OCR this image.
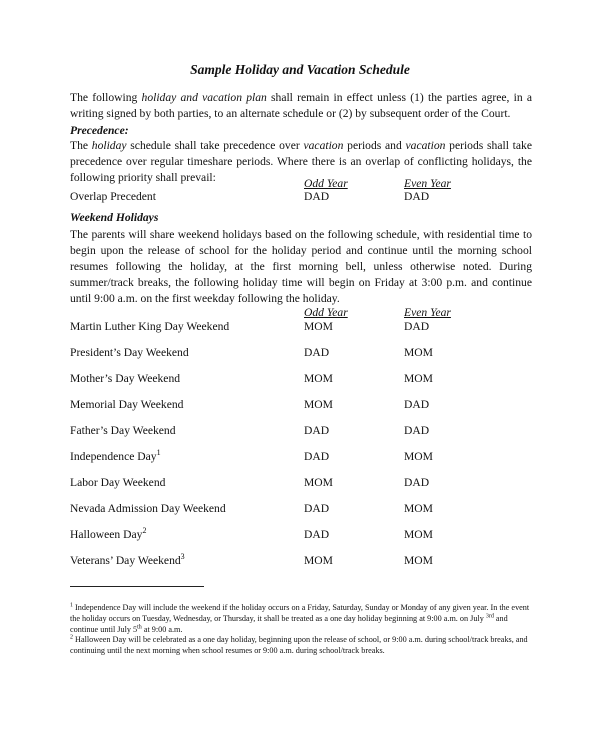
Sample Holiday and Vacation Schedule
The following holiday and vacation plan shall remain in effect unless (1) the parties agree, in a writing signed by both parties, to an alternate schedule or (2) by subsequent order of the Court.
Precedence:
The holiday schedule shall take precedence over vacation periods and vacation periods shall take precedence over regular timeshare periods. Where there is an overlap of conflicting holidays, the following priority shall prevail:	Odd Year	Even Year
Overlap Precedent	DAD	DAD
Weekend Holidays
The parents will share weekend holidays based on the following schedule, with residential time to begin upon the release of school for the holiday period and continue until the morning school resumes following the holiday, at the first morning bell, unless otherwise noted. During summer/track breaks, the following holiday time will begin on Friday at 3:00 p.m. and continue until 9:00 a.m. on the first weekday following the holiday.
Odd Year	Even Year
Martin Luther King Day Weekend	MOM	DAD
President’s Day Weekend	DAD	MOM
Mother’s Day Weekend	MOM	MOM
Memorial Day Weekend	MOM	DAD
Father’s Day Weekend	DAD	DAD
Independence Day$^1$	DAD	MOM
Labor Day Weekend	MOM	DAD
Nevada Admission Day Weekend	DAD	MOM
Halloween Day$^2$	DAD	MOM
Veterans’ Day Weekend$^3$	MOM	MOM
$^1$ Independence Day will include the weekend if the holiday occurs on a Friday, Saturday, Sunday or Monday of any given year. In the event the holiday occurs on Tuesday, Wednesday, or Thursday, it shall be treated as a one day holiday beginning at 9:00 a.m. on July $^{3rd}$ and continue until July 5th at 9:00 a.m.
$^2$ Halloween Day will be celebrated as a one day holiday, beginning upon the release of school, or 9:00 a.m. during school/track breaks, and continuing until the next morning when school resumes or 9:00 a.m. during school/track breaks.
